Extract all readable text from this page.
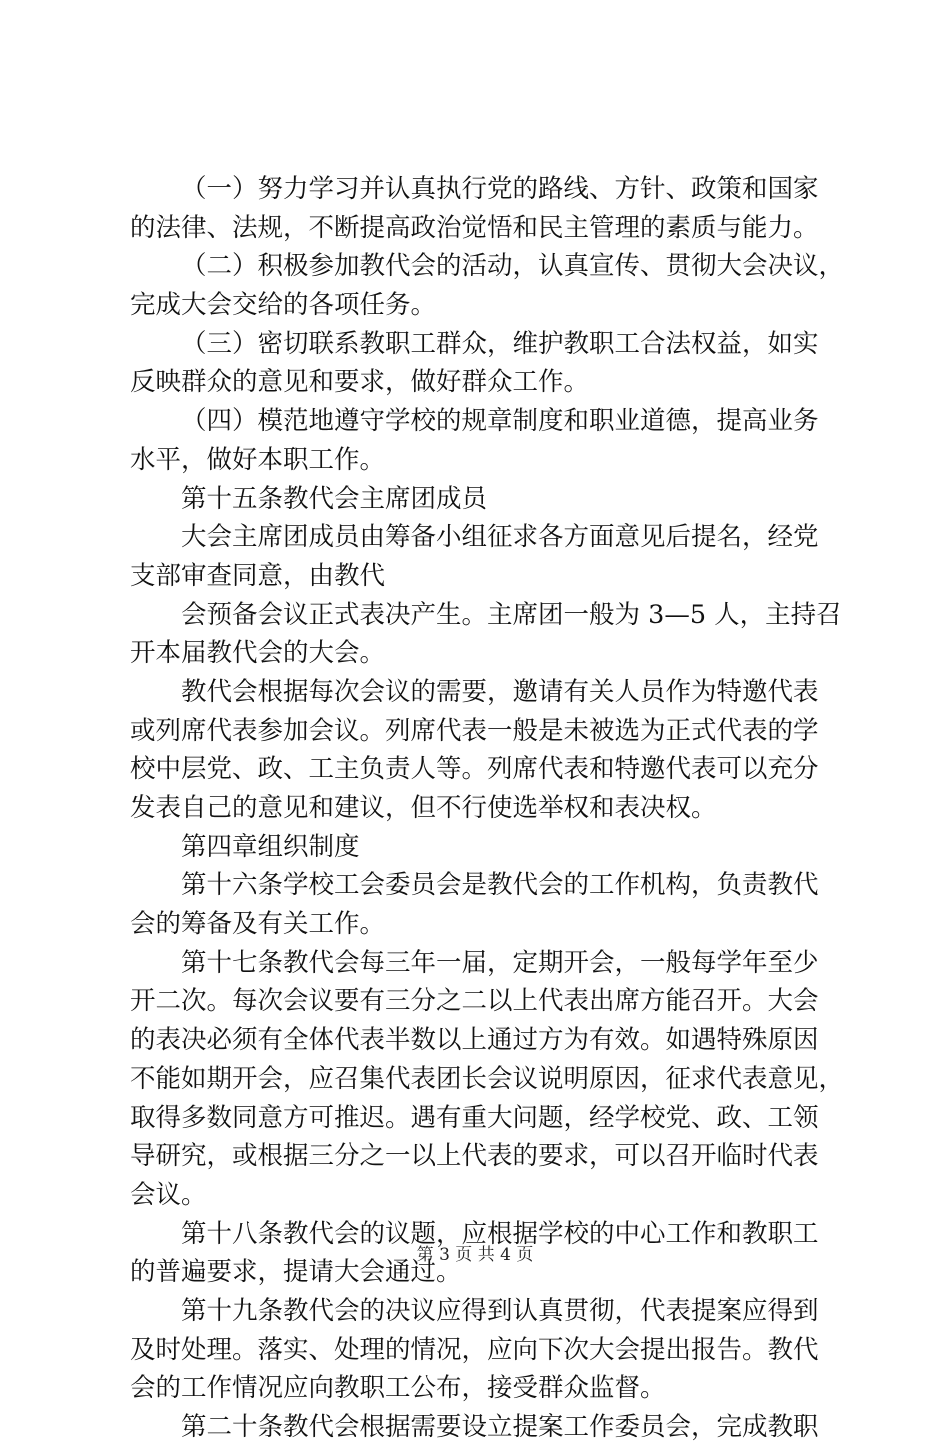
（一）努力学习并认真执行党的路线、方针、政策和国家
的法律、法规，不断提高政治觉悟和民主管理的素质与能力。
（二）积极参加教代会的活动，认真宣传、贯彻大会决议，
完成大会交给的各项任务。
（三）密切联系教职工群众，维护教职工合法权益，如实
反映群众的意见和要求，做好群众工作。
（四）模范地遵守学校的规章制度和职业道德，提高业务
水平，做好本职工作。
第十五条教代会主席团成员
大会主席团成员由筹备小组征求各方面意见后提名，经党
支部审查同意，由教代
会预备会议正式表决产生。主席团一般为 3—5 人，主持召
开本届教代会的大会。
教代会根据每次会议的需要，邀请有关人员作为特邀代表
或列席代表参加会议。列席代表一般是未被选为正式代表的学
校中层党、政、工主负责人等。列席代表和特邀代表可以充分
发表自己的意见和建议，但不行使选举权和表决权。
第四章组织制度
第十六条学校工会委员会是教代会的工作机构，负责教代
会的筹备及有关工作。
第十七条教代会每三年一届，定期开会，一般每学年至少
开二次。每次会议要有三分之二以上代表出席方能召开。大会
的表决必须有全体代表半数以上通过方为有效。如遇特殊原因
不能如期开会，应召集代表团长会议说明原因，征求代表意见，
取得多数同意方可推迟。遇有重大问题，经学校党、政、工领
导研究，或根据三分之一以上代表的要求，可以召开临时代表
会议。
第十八条教代会的议题，应根据学校的中心工作和教职工
的普遍要求，提请大会通过。
第十九条教代会的决议应得到认真贯彻，代表提案应得到
及时处理。落实、处理的情况，应向下次大会提出报告。教代
会的工作情况应向教职工公布，接受群众监督。
第二十条教代会根据需要设立提案工作委员会，完成教职
第 3 页 共 4 页
